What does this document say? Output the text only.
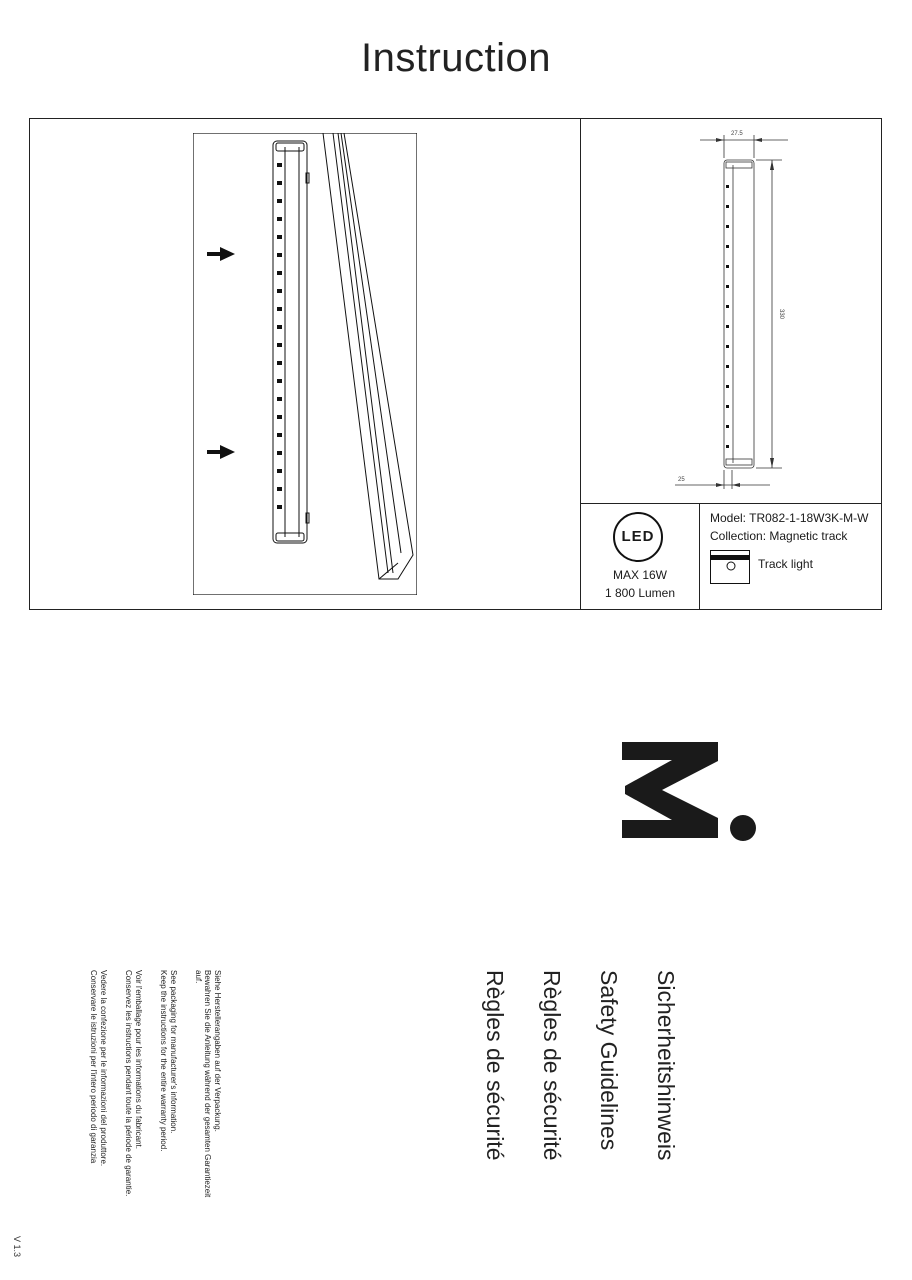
Instruction
27.5
330
25
LED
MAX 16W
1 800 Lumen
Model: TR082-1-18W3K-M-W
Collection: Magnetic track
Track light
Sicherheitshinweis
Safety Guidelines
Règles de sécurité
Règles de sécurité
Siehe Herstellerangaben auf der Verpackung.
Bewahren Sie die Anleitung während der gesamten Garantiezeit
auf.
See packaging for manufacturer's information.
Keep the instructions for the entire warranty period.
Voir l'emballage pour les informations du fabricant.
Conservez les instructions pendant toute la période de garantie.
Vedere la confezione per le informazioni del produttore.
Conservare le istruzioni per l'intero periodo di garanzia
V 1.3
